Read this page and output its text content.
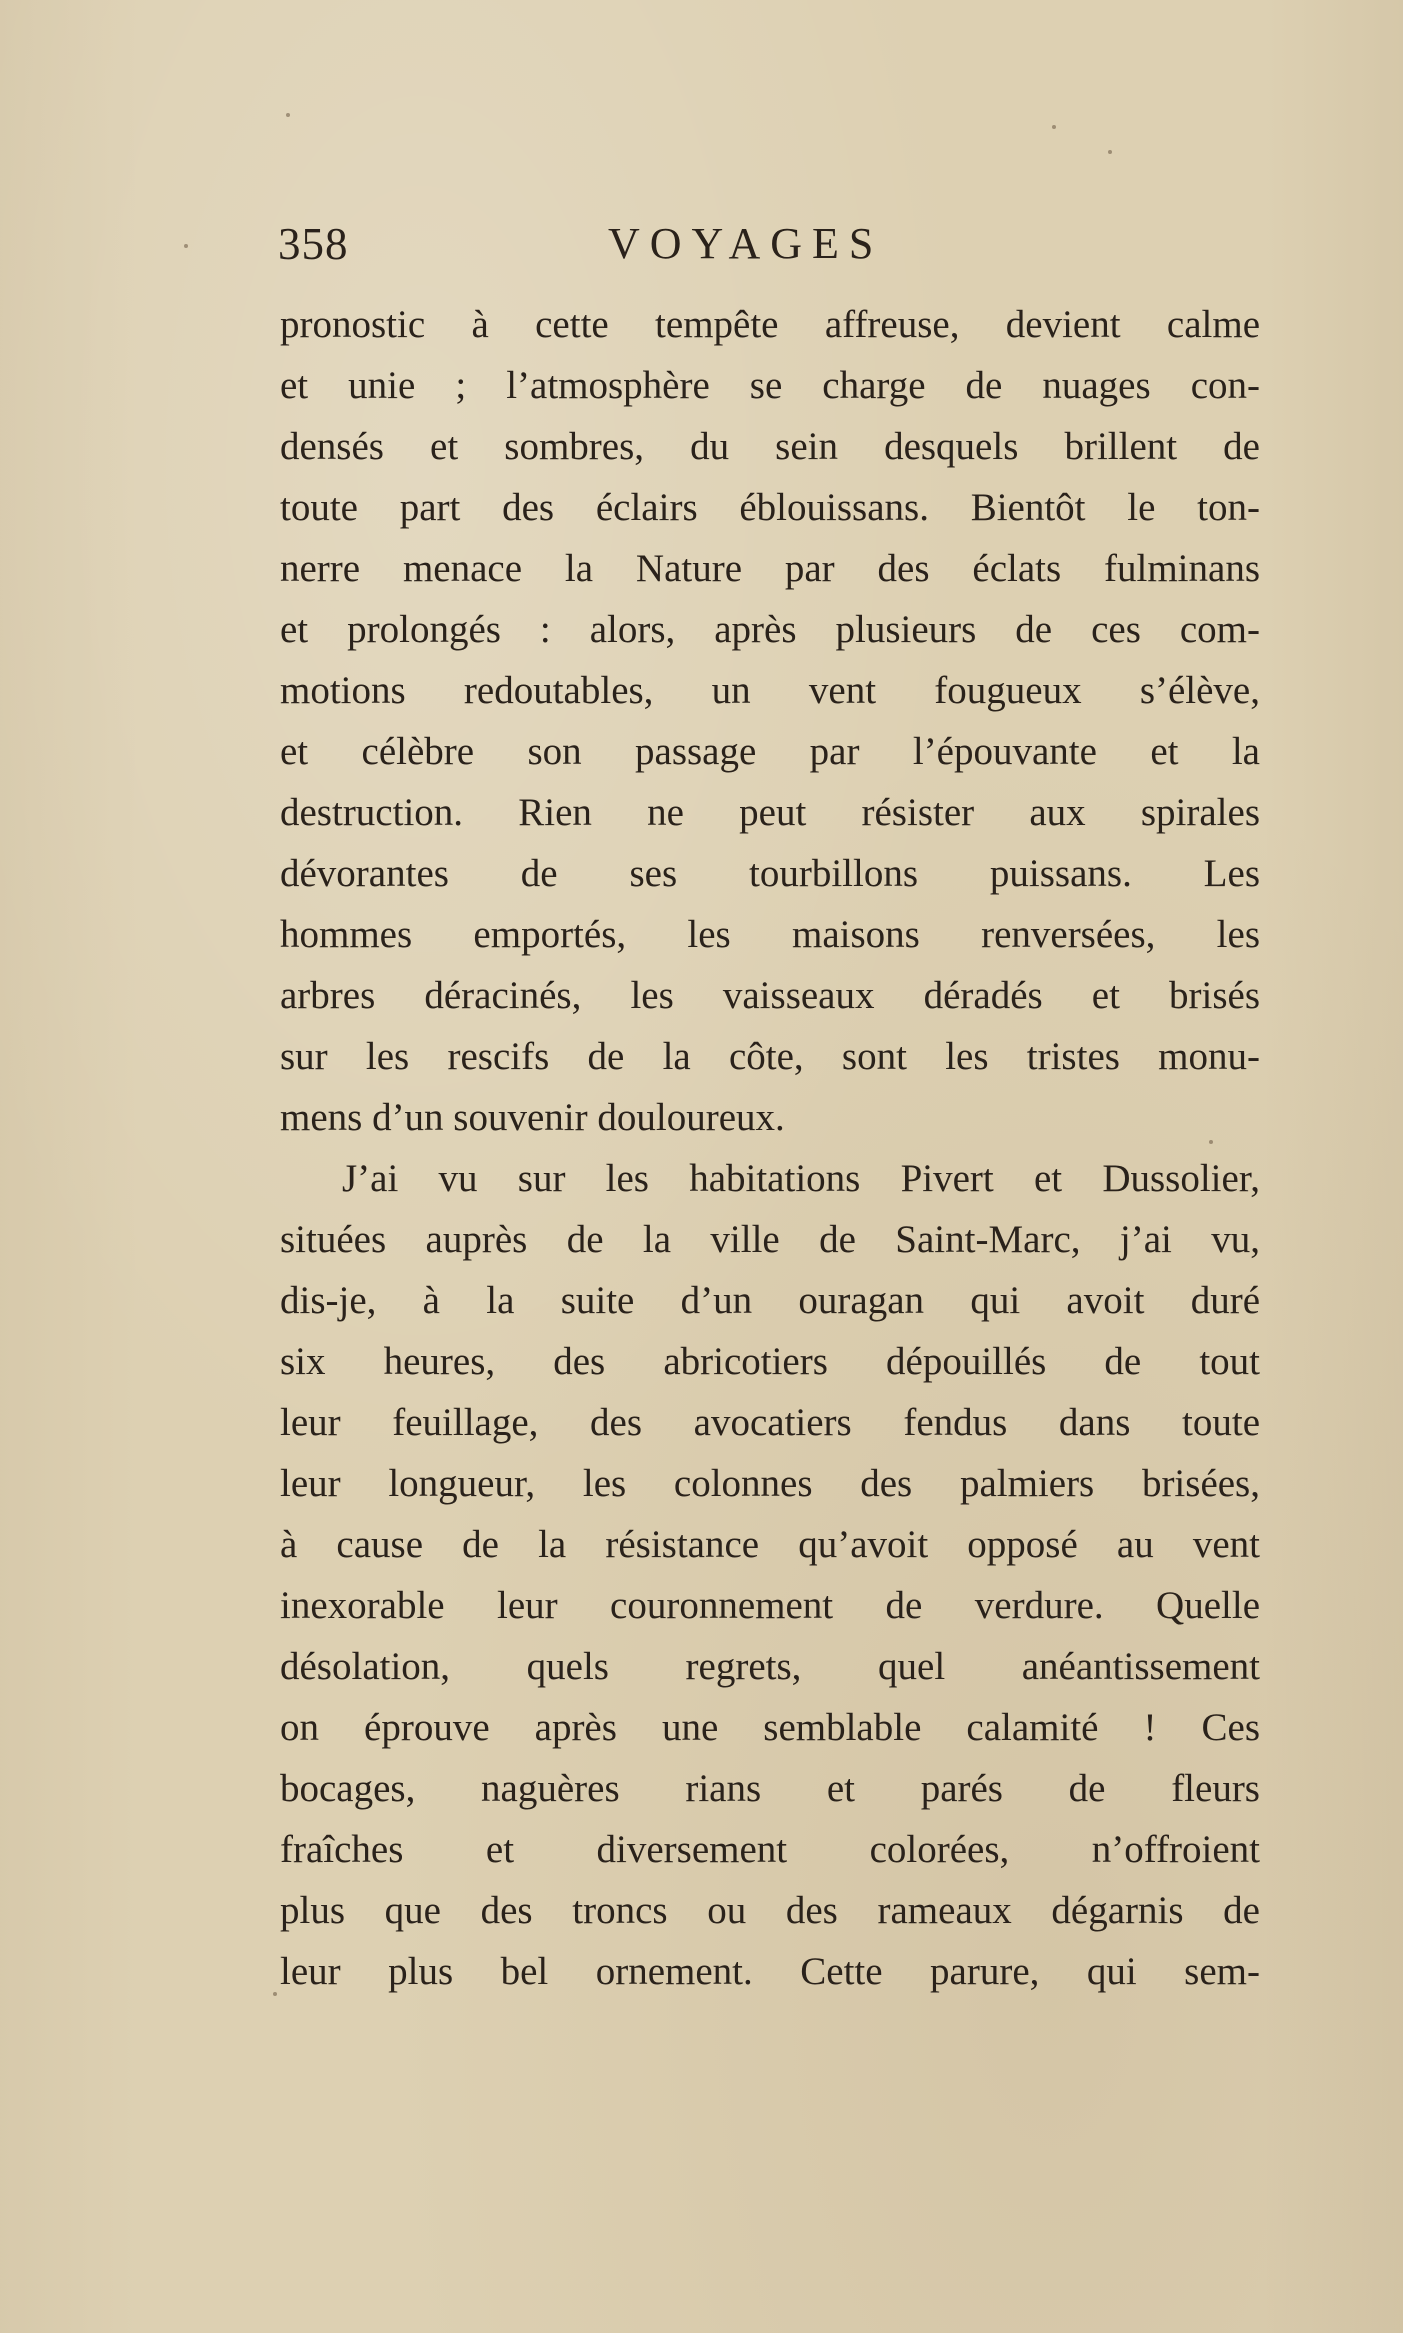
358	VOYAGES
pronostic à cette tempête affreuse, devient calme
et unie ; l’atmosphère se charge de nuages con-
densés et sombres, du sein desquels brillent de
toute part des éclairs éblouissans. Bientôt le ton-
nerre menace la Nature par des éclats fulminans
et prolongés : alors, après plusieurs de ces com-
motions redoutables, un vent fougueux s’élève,
et célèbre son passage par l’épouvante et la
destruction. Rien ne peut résister aux spirales
dévorantes de ses tourbillons puissans. Les
hommes emportés, les maisons renversées, les
arbres déracinés, les vaisseaux déradés et brisés
sur les rescifs de la côte, sont les tristes monu-
mens d’un souvenir douloureux.
J’ai vu sur les habitations Pivert et Dussolier,
situées auprès de la ville de Saint-Marc, j’ai vu,
dis-je, à la suite d’un ouragan qui avoit duré
six heures, des abricotiers dépouillés de tout
leur feuillage, des avocatiers fendus dans toute
leur longueur, les colonnes des palmiers brisées,
à cause de la résistance qu’avoit opposé au vent
inexorable leur couronnement de verdure. Quelle
désolation, quels regrets, quel anéantissement
on éprouve après une semblable calamité ! Ces
bocages, naguères rians et parés de fleurs
fraîches et diversement colorées, n’offroient
plus que des troncs ou des rameaux dégarnis de
leur plus bel ornement. Cette parure, qui sem-
